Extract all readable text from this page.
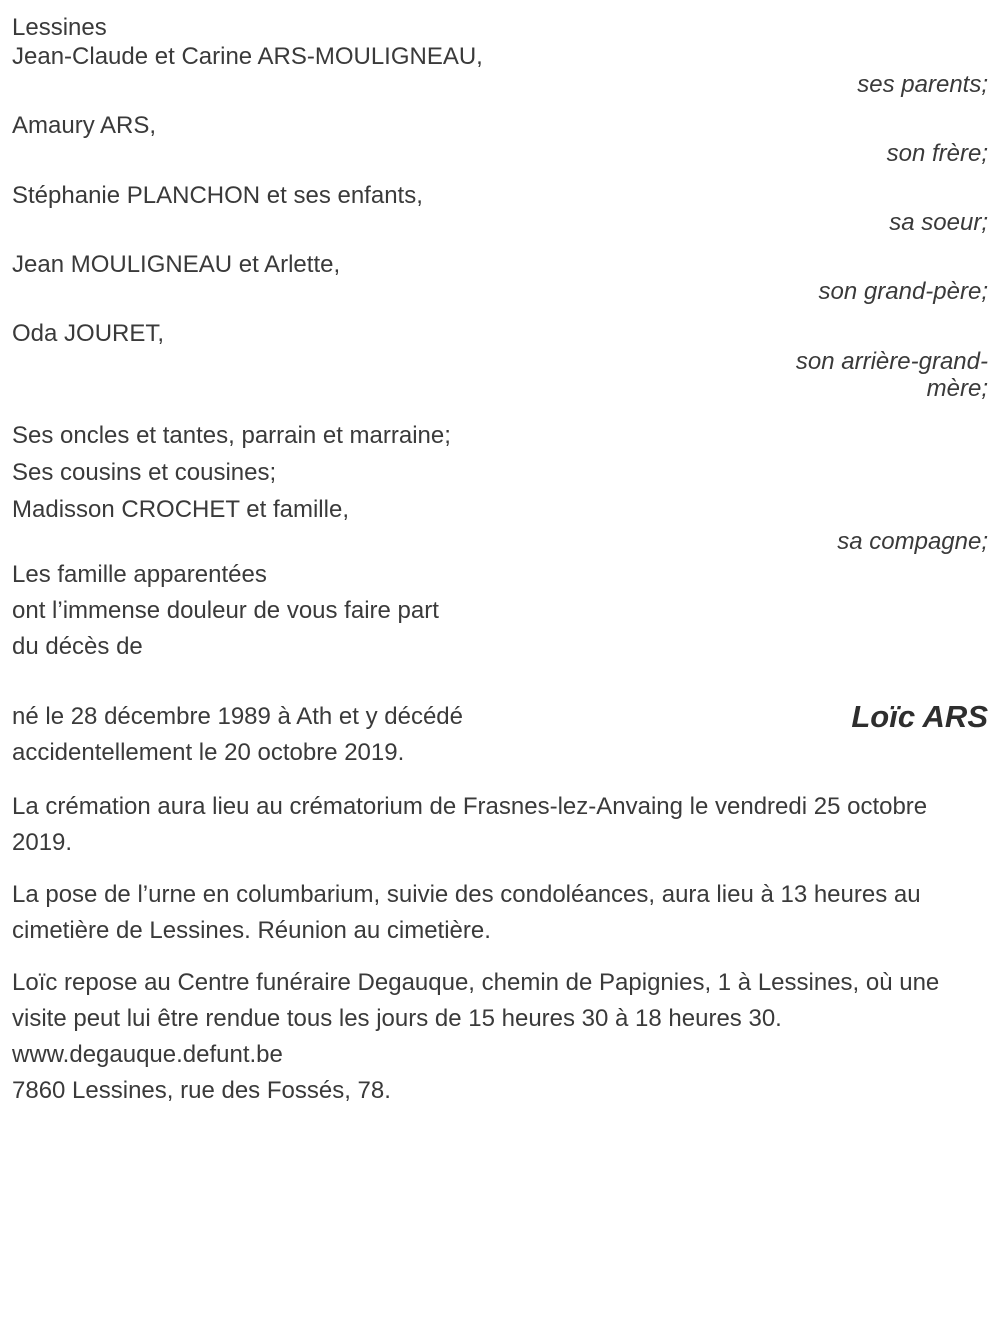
Lessines

Jean-Claude et Carine ARS-MOULIGNEAU,

ses parents;

Amaury ARS,

son frère;

Stéphanie PLANCHON et ses enfants,

sa soeur;

Jean MOULIGNEAU et Arlette,

son grand-père;

Oda JOURET,

son arrière-grand-mère;

Ses oncles et tantes, parrain et marraine;

Ses cousins et cousines;

Madisson CROCHET et famille,

sa compagne;

Les famille apparentées

ont l’immense douleur de vous faire part

du décès de

né le 28 décembre 1989 à Ath et y décédé accidentellement le 20 octobre 2019.

Loïc ARS

La crémation aura lieu au crématorium de Frasnes-lez-Anvaing le vendredi 25 octobre 2019.

La pose de l’urne en columbarium, suivie des condoléances, aura lieu à 13 heures au cimetière de Lessines. Réunion au cimetière.

Loïc repose au Centre funéraire Degauque, chemin de Papignies, 1 à Lessines, où une visite peut lui être rendue tous les jours de 15 heures 30 à 18 heures 30.

www.degauque.defunt.be

7860 Lessines, rue des Fossés, 78.
